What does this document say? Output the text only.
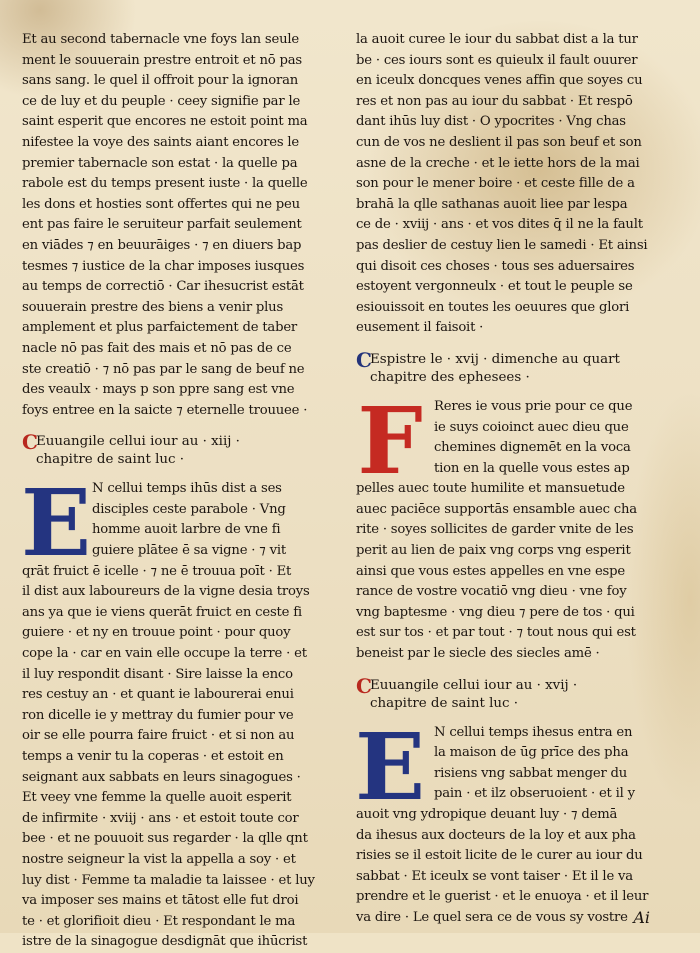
Et au second tabernacle vne foys lan seule
ment le souuerain prestre entroit et nō pas
sans sang. le quel il offroit pour la ignoran
ce de luy et du peuple · ceey signifie par le
saint esperit que encores ne estoit point ma
nifestee la voye des saints aiant encores le
premier tabernacle son estat · la quelle pa
rabole est du temps present iuste · la quelle
les dons et hosties sont offertes qui ne peu
ent pas faire le seruiteur parfait seulement
en viādes ⁊ en beuurāiges · ⁊ en diuers bap
tesmes ⁊ iustice de la char imposes iusques
au temps de correctiō · Car ihesucrist estāt
souuerain prestre des biens a venir plus
amplement et plus parfaictement de taber
nacle nō pas fait des mais et nō pas de ce
ste creatiō · ⁊ nō pas par le sang de beuf ne
des veaulx · mays p son ppre sang est vne
foys entree en la saicte ⁊ eternelle trouuee ·
C
Euuangile cellui iour au · xiij ·
chapitre de saint luc ·
E N cellui temps ihūs dist a ses
disciples ceste parabole · Vng
homme auoit larbre de vne fi
guiere plātee ē sa vigne · ⁊ vit
qrāt fruict ē icelle · ⁊ ne ē trouua poīt · Et
il dist aux laboureurs de la vigne desia troys
ans ya que ie viens querāt fruict en ceste fi
guiere · et ny en trouue point · pour quoy
cope la · car en vain elle occupe la terre · et
il luy respondit disant · Sire laisse la enco
res cestuy an · et quant ie labourerai enui
ron dicelle ie y mettray du fumier pour ve
oir se elle pourra faire fruict · et si non au
temps a venir tu la coperas · et estoit en
seignant aux sabbats en leurs sinagogues ·
Et veey vne femme la quelle auoit esperit
de infirmite · xviij · ans · et estoit toute cor
bee · et ne pouuoit sus regarder · la qlle qnt
nostre seigneur la vist la appella a soy · et
luy dist · Femme ta maladie ta laissee · et luy
va imposer ses mains et tātost elle fut droi
te · et glorifioit dieu · Et respondant le ma
istre de la sinagogue desdignāt que ihūcrist
la auoit curee le iour du sabbat dist a la tur
be · ces iours sont es quieulx il fault ouurer
en iceulx doncques venes affin que soyes cu
res et non pas au iour du sabbat · Et respō
dant ihūs luy dist · O ypocrites · Vng chas
cun de vos ne deslient il pas son beuf et son
asne de la creche · et le iette hors de la mai
son pour le mener boire · et ceste fille de a
brahā la qlle sathanas auoit liee par lespa
ce de · xviij · ans · et vos dites q̄ il ne la fault
pas deslier de cestuy lien le samedi · Et ainsi
qui disoit ces choses · tous ses aduersaires
estoyent vergonneulx · et tout le peuple se
esiouissoit en toutes les oeuures que glori
eusement il faisoit ·
C
Espistre le · xvij · dimenche au quart
chapitre des ephesees ·
F Reres ie vous prie pour ce que
ie suys coioinct auec dieu que
chemines dignemēt en la voca
tion en la quelle vous estes ap
pelles auec toute humilite et mansuetude
auec paciēce supportās ensamble auec cha
rite · soyes sollicites de garder vnite de les
perit au lien de paix vng corps vng esperit
ainsi que vous estes appelles en vne espe
rance de vostre vocatiō vng dieu · vne foy
vng baptesme · vng dieu ⁊ pere de tos · qui
est sur tos · et par tout · ⁊ tout nous qui est
beneist par le siecle des siecles amē ·
C
Euuangile cellui iour au · xvij ·
chapitre de saint luc ·
E N cellui temps ihesus entra en
la maison de ūg prīce des pha
risiens vng sabbat menger du
pain · et ilz obseruoient · et il y
auoit vng ydropique deuant luy · ⁊ demā
da ihesus aux docteurs de la loy et aux pha
risies se il estoit licite de le curer au iour du
sabbat · Et iceulx se vont taiser · Et il le va
prendre et le guerist · et le enuoya · et il leur
va dire · Le quel sera ce de vous sy vostre Ai
